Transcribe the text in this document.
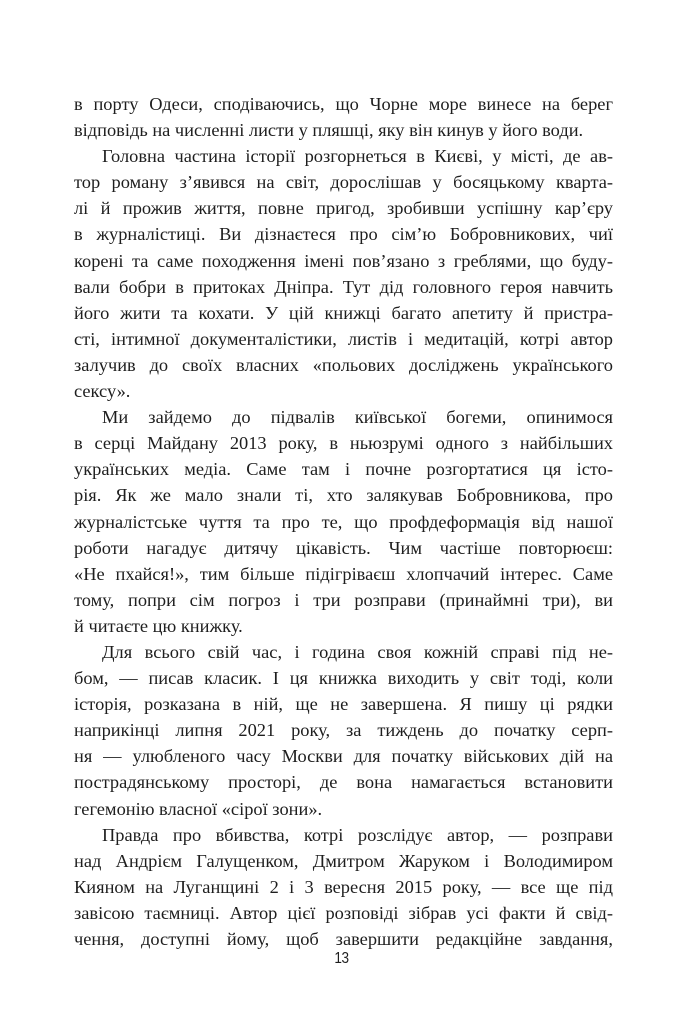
в порту Одеси, сподіваючись, що Чорне море винесе на берег
відповідь на численні листи у пляшці, яку він кинув у його води.
Головна частина історії розгорнеться в Києві, у місті, де ав-
тор роману з’явився на світ, дорослішав у босяцькому кварта-
лі й прожив життя, повне пригод, зробивши успішну кар’єру
в журналістиці. Ви дізнаєтеся про сім’ю Бобровникових, чиї
корені та саме походження імені пов’язано з греблями, що буду-
вали бобри в притоках Дніпра. Тут дід головного героя навчить
його жити та кохати. У цій книжці багато апетиту й пристра-
сті, інтимної документалістики, листів і медитацій, котрі автор
залучив до своїх власних «польових досліджень українського
сексу».
Ми зайдемо до підвалів київської богеми, опинимося
в серці Майдану 2013 року, в ньюзрумі одного з найбільших
українських медіа. Саме там і почне розгортатися ця істо-
рія. Як же мало знали ті, хто залякував Бобровникова, про
журналістське чуття та про те, що профдеформація від нашої
роботи нагадує дитячу цікавість. Чим частіше повторюєш:
«Не пхайся!», тим більше підігріваєш хлопчачий інтерес. Саме
тому, попри сім погроз і три розправи (принаймні три), ви
й читаєте цю книжку.
Для всього свій час, і година своя кожній справі під не-
бом, — писав класик. І ця книжка виходить у світ тоді, коли
історія, розказана в ній, ще не завершена. Я пишу ці рядки
наприкінці липня 2021 року, за тиждень до початку серп-
ня — улюбленого часу Москви для початку військових дій на
пострадянському просторі, де вона намагається встановити
гегемонію власної «сірої зони».
Правда про вбивства, котрі розслідує автор, — розправи
над Андрієм Галущенком, Дмитром Жаруком і Володимиром
Кияном на Луганщині 2 і 3 вересня 2015 року, — все ще під
завісою таємниці. Автор цієї розповіді зібрав усі факти й свід-
чення, доступні йому, щоб завершити редакційне завдання,
13
